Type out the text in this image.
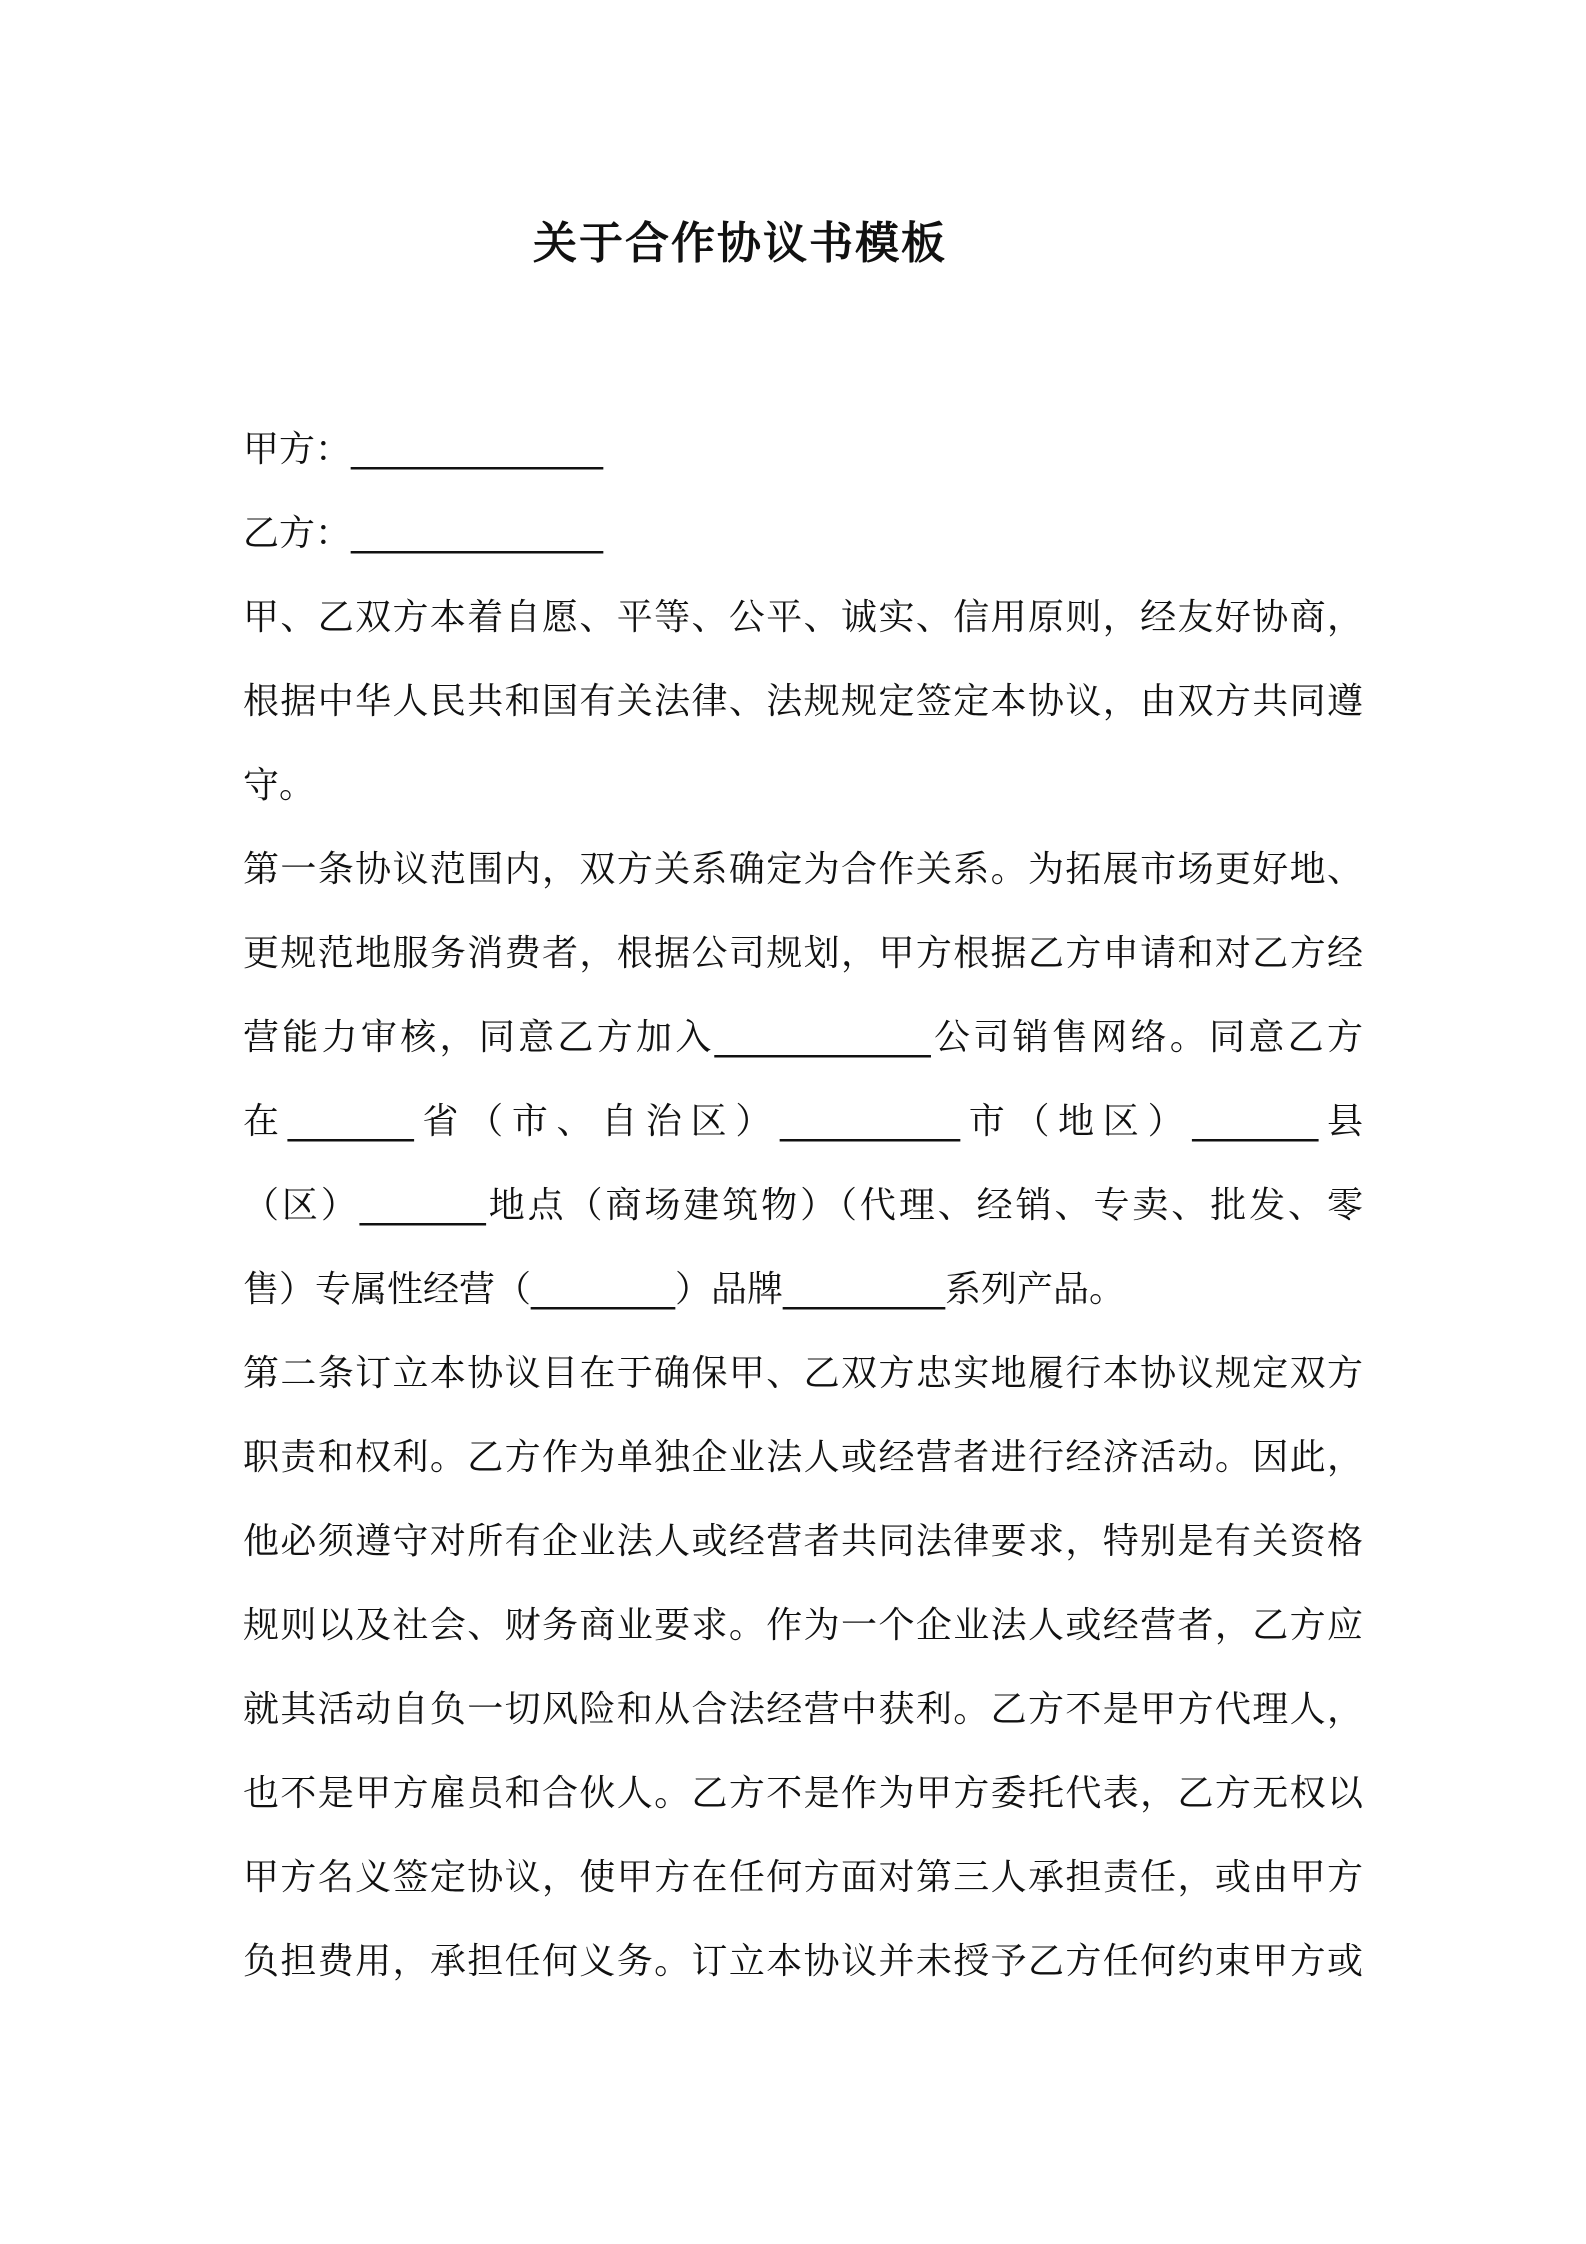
关于合作协议书模板
甲方：______________
乙方：______________
甲、乙双方本着自愿、平等、公平、诚实、信用原则，经友好协商，
根据中华人民共和国有关法律、法规规定签定本协议，由双方共同遵
守。
第一条协议范围内，双方关系确定为合作关系。为拓展市场更好地、
更规范地服务消费者，根据公司规划，甲方根据乙方申请和对乙方经
营能力审核，同意乙方加入____________公司销售网络。同意乙方
在_______省（市、自治区）__________市（地区）_______县
（区）_______地点（商场建筑物）（代理、经销、专卖、批发、零
售）专属性经营（________）品牌_________系列产品。
第二条订立本协议目在于确保甲、乙双方忠实地履行本协议规定双方
职责和权利。乙方作为单独企业法人或经营者进行经济活动。因此，
他必须遵守对所有企业法人或经营者共同法律要求，特别是有关资格
规则以及社会、财务商业要求。作为一个企业法人或经营者，乙方应
就其活动自负一切风险和从合法经营中获利。乙方不是甲方代理人，
也不是甲方雇员和合伙人。乙方不是作为甲方委托代表，乙方无权以
甲方名义签定协议，使甲方在任何方面对第三人承担责任，或由甲方
负担费用，承担任何义务。订立本协议并未授予乙方任何约束甲方或
